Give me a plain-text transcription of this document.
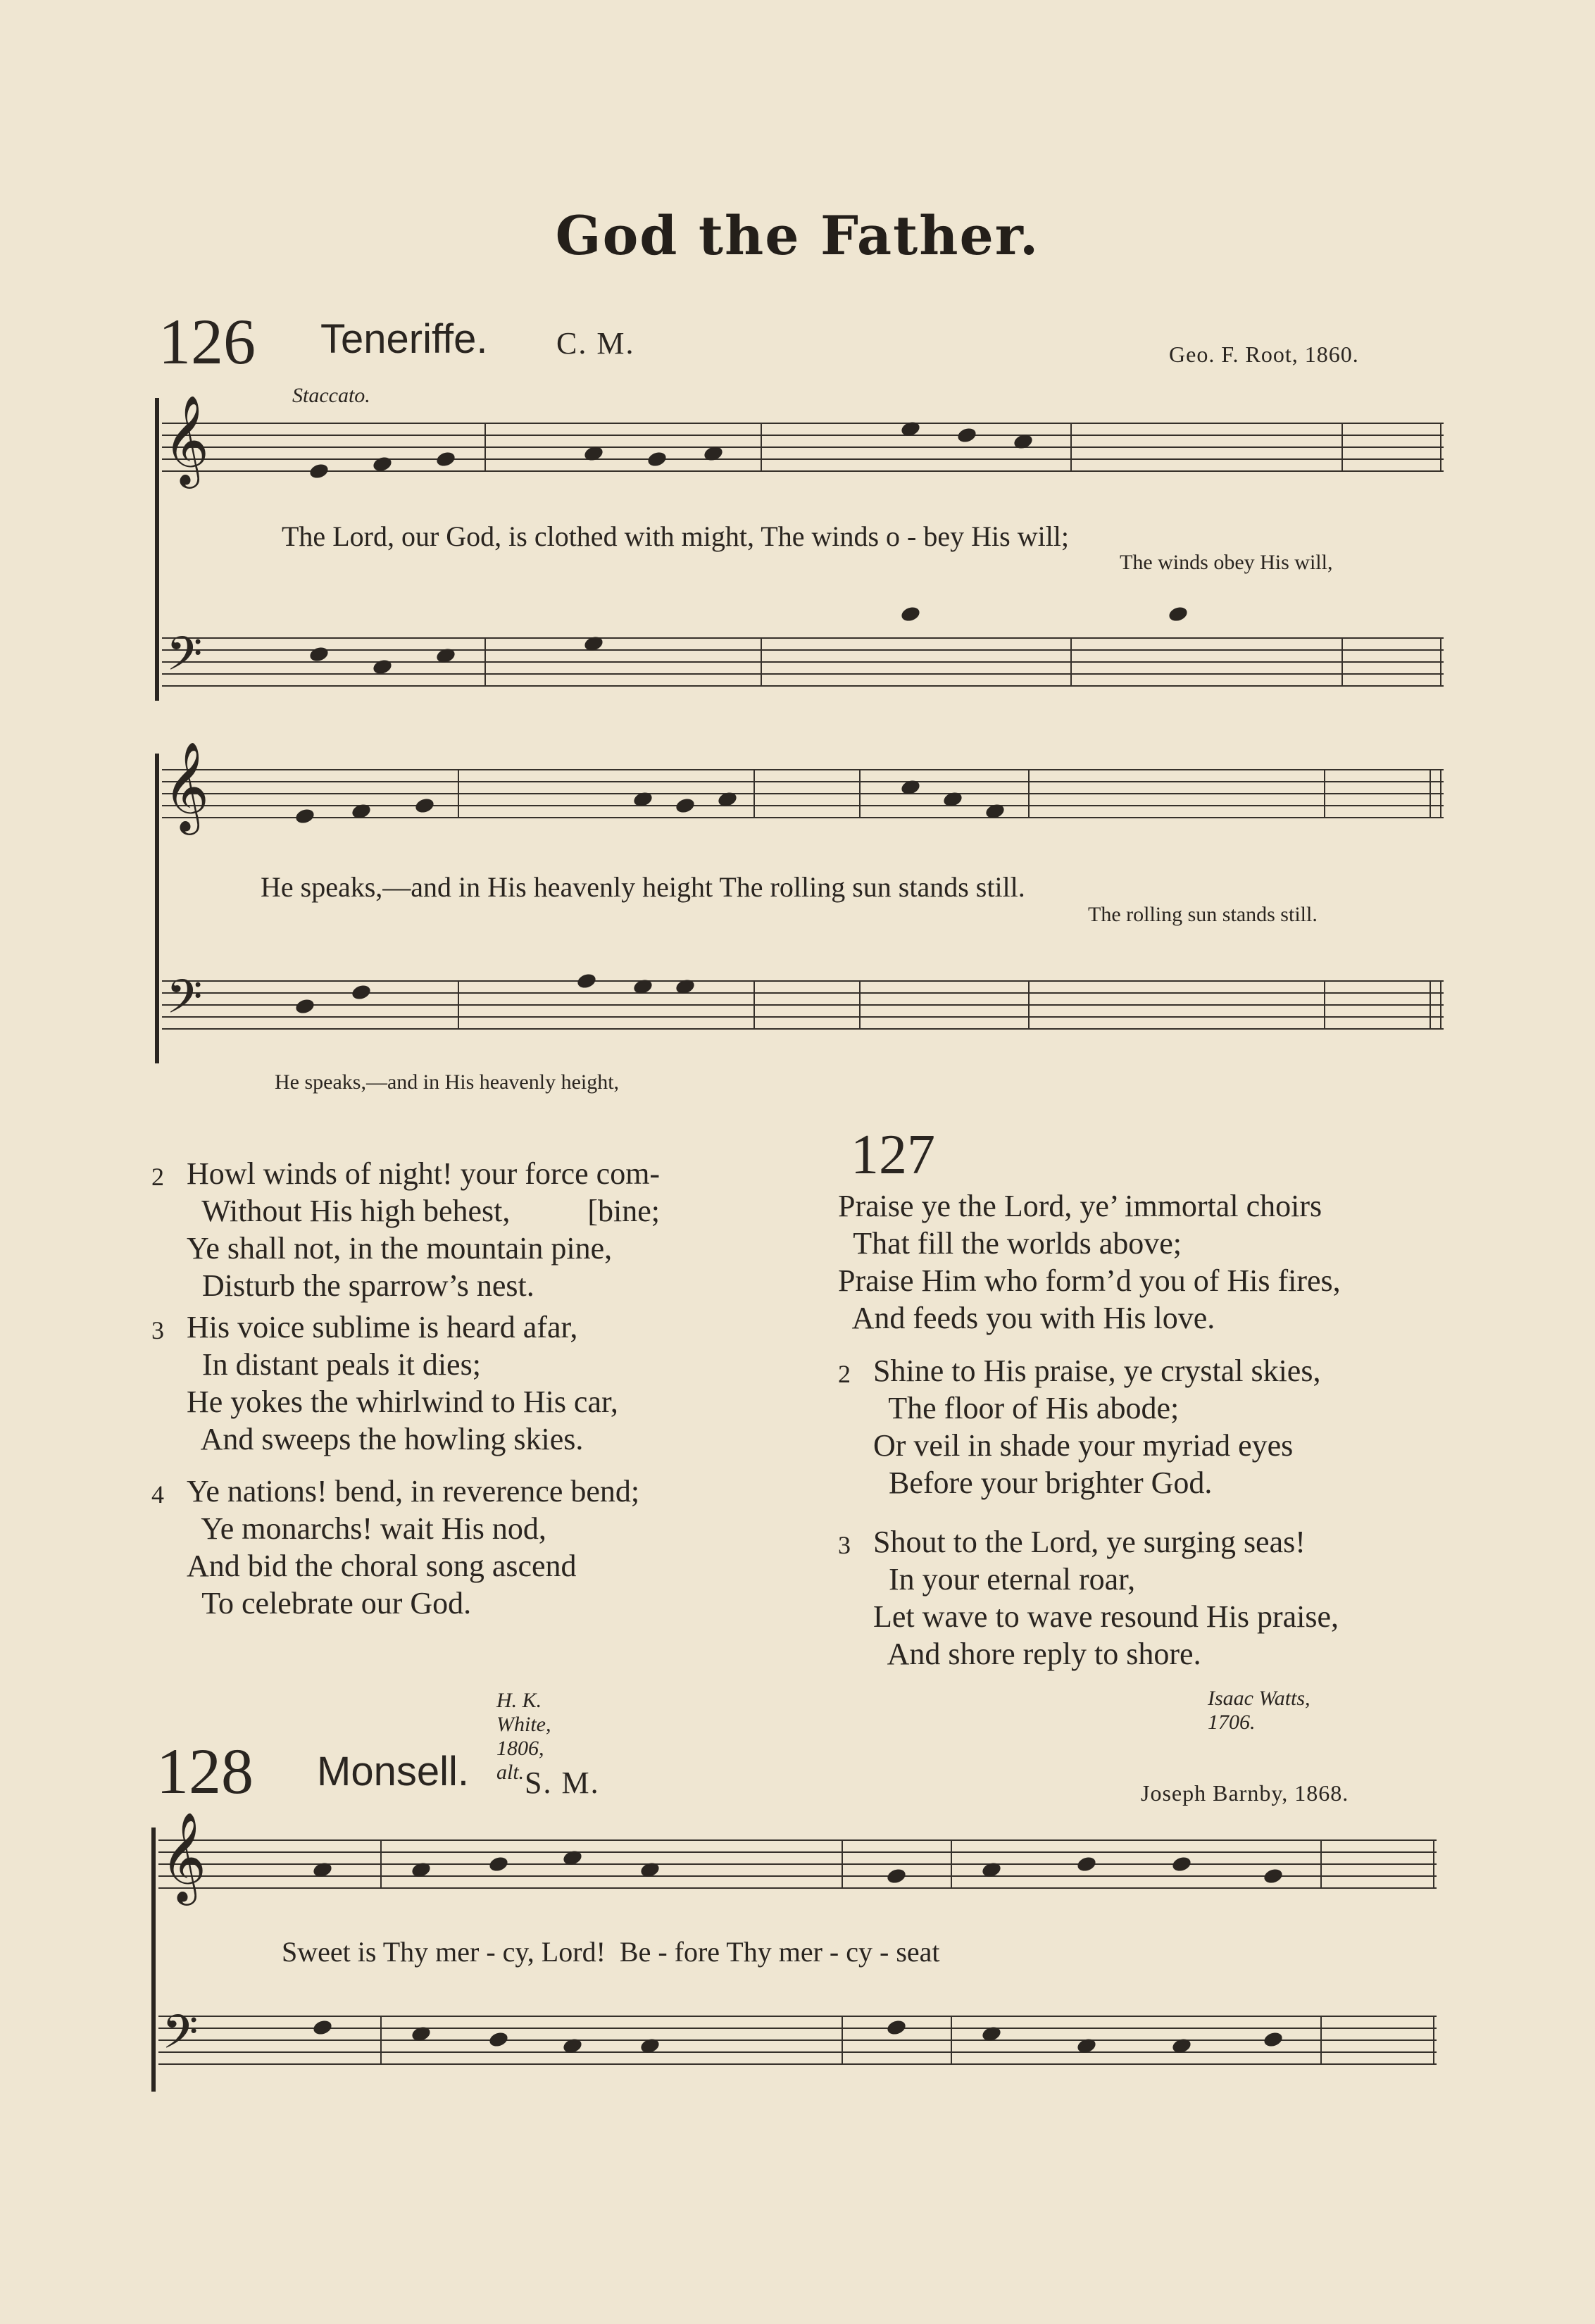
God the Father.
126 Teneriffe. C. M.	Geo. F. Root, 1860.
Staccato.
𝄞
The Lord, our God, is clothed with might, The winds o - bey His will;
The winds obey His will,
𝄢
𝄞
He speaks,—and in His heavenly height The rolling sun stands still.
The rolling sun stands still.
𝄢
He speaks,—and in His heavenly height,
2 Howl winds of night! your force com-
Without His high behest,          [bine;
Ye shall not, in the mountain pine,
Disturb the sparrow’s nest.
3 His voice sublime is heard afar,
In distant peals it dies;
He yokes the whirlwind to His car,
And sweeps the howling skies.
4 Ye nations! bend, in reverence bend;
Ye monarchs! wait His nod,
And bid the choral song ascend
To celebrate our God.
H. K. White, 1806, alt.
127
Praise ye the Lord, ye’ immortal choirs
That fill the worlds above;
Praise Him who form’d you of His fires,
And feeds you with His love.
2 Shine to His praise, ye crystal skies,
The floor of His abode;
Or veil in shade your myriad eyes
Before your brighter God.
3 Shout to the Lord, ye surging seas!
In your eternal roar,
Let wave to wave resound His praise,
And shore reply to shore.
Isaac Watts, 1706.
128 Monsell. S. M.	Joseph Barnby, 1868.
𝄞
Sweet is Thy mer - cy, Lord!  Be - fore Thy mer - cy - seat
𝄢
